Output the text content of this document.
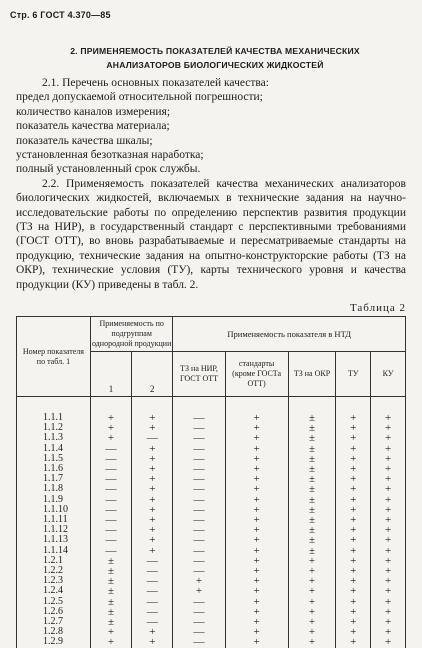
Стр. 6 ГОСТ 4.370—85
2. ПРИМЕНЯЕМОСТЬ ПОКАЗАТЕЛЕЙ КАЧЕСТВА МЕХАНИЧЕСКИХ
АНАЛИЗАТОРОВ БИОЛОГИЧЕСКИХ ЖИДКОСТЕЙ

2.1. Перечень основных показателей качества:

предел допускаемой относительной погрешности;

количество каналов измерения;

показатель качества материала;

показатель качества шкалы;

установленная безотказная наработка;

полный установленный срок службы.

2.2. Применяемость показателей качества механических анализаторов биологических жидкостей, включаемых в технические задания на научно-исследовательские работы по определению перспектив развития продукции (ТЗ на НИР), в государственный стандарт с перспективными требованиями (ГОСТ ОТТ), во вновь разрабатываемые и пересматриваемые стандарты на продукцию, технические задания на опытно-конструкторские работы (ТЗ на ОКР), технические условия (ТУ), карты технического уровня и качества продукции (КУ) приведены в табл. 2.

Таблица 2
Номер показателя по табл. 1	Применяемость по подгруппам однородной продукции		Применяемость показателя в НТД				
	1	2	ТЗ на НИР, ГОСТ ОТТ	стандарты (кроме ГОСТа ОТТ)	ТЗ на ОКР	ТУ	КУ
1.1.1	+	+	—	+	±	+	+
1.1.2	+	+	—	+	±	+	+
1.1.3	+	—	—	+	±	+	+
1.1.4	—	+	—	+	±	+	+
1.1.5	—	+	—	+	±	+	+
1.1.6	—	+	—	+	±	+	+
1.1.7	—	+	—	+	±	+	+
1.1.8	—	+	—	+	±	+	+
1.1.9	—	+	—	+	±	+	+
1.1.10	—	+	—	+	±	+	+
1.1.11	—	+	—	+	±	+	+
1.1.12	—	+	—	+	±	+	+
1.1.13	—	+	—	+	±	+	+
1.1.14	—	+	—	+	±	+	+
1.2.1	±	—	—	+	+	+	+
1.2.2	±	—	—	+	+	+	+
1.2.3	±	—	+	+	+	+	+
1.2.4	±	—	+	+	+	+	+
1.2.5	±	—	—	+	+	+	+
1.2.6	±	—	—	+	+	+	+
1.2.7	±	—	—	+	+	+	+
1.2.8	+	+	—	+	+	+	+
1.2.9	+	+	—	+	+	+	+
